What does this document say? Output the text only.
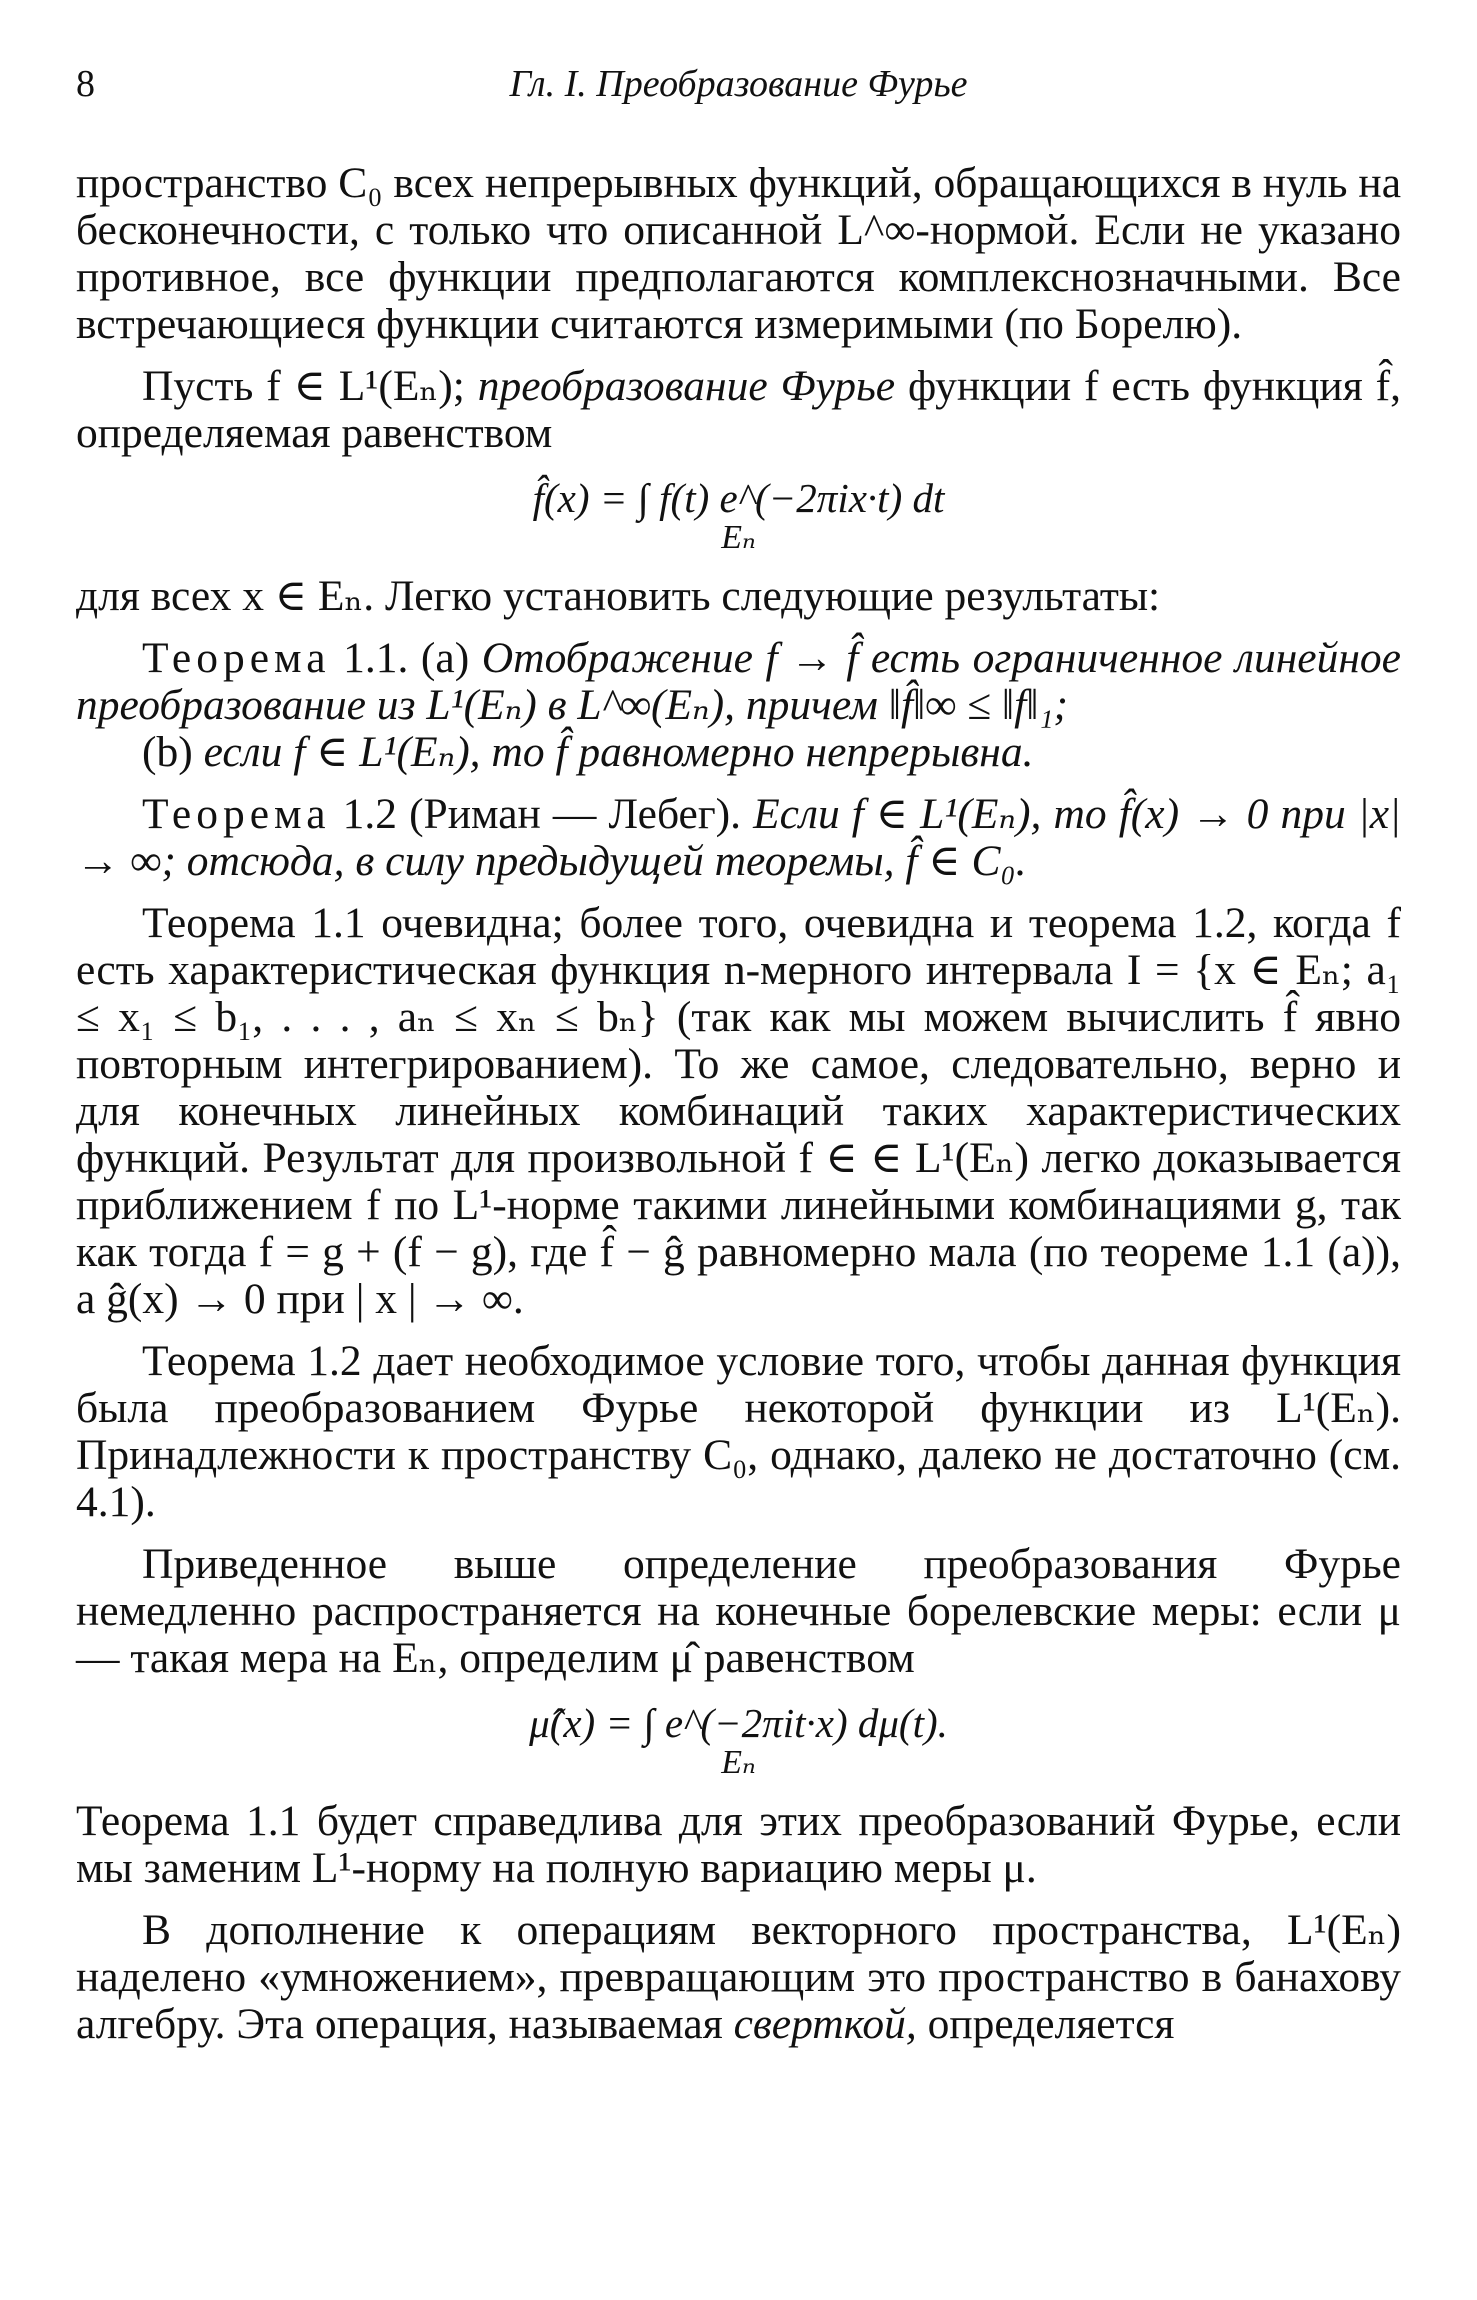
8	Гл. I. Преобразование Фурье

пространство C₀ всех непрерывных функций, обращающихся в нуль на бесконечности, с только что описанной L^∞-нормой. Если не указано противное, все функции предполагаются комплекснозначными. Все встречающиеся функции считаются измеримыми (по Борелю).

Пусть f ∈ L¹(Eₙ); преобразование Фурье функции f есть функция f̂, определяемая равенством

f̂(x) = ∫ f(t) e^(−2πix·t) dt
Eₙ

для всех x ∈ Eₙ. Легко установить следующие результаты:

Теорема 1.1. (a) Отображение f → f̂ есть ограниченное линейное преобразование из L¹(Eₙ) в L^∞(Eₙ), причем ‖f̂‖∞ ≤ ‖f‖₁;

(b) если f ∈ L¹(Eₙ), то f̂ равномерно непрерывна.

Теорема 1.2 (Риман — Лебег). Если f ∈ L¹(Eₙ), то f̂(x) → 0 при |x| → ∞; отсюда, в силу предыдущей теоремы, f̂ ∈ C₀.

Теорема 1.1 очевидна; более того, очевидна и теорема 1.2, когда f есть характеристическая функция n-мерного интервала I = {x ∈ Eₙ; a₁ ≤ x₁ ≤ b₁, . . . , aₙ ≤ xₙ ≤ bₙ} (так как мы можем вычислить f̂ явно повторным интегрированием). То же самое, следовательно, верно и для конечных линейных комбинаций таких характеристических функций. Результат для произвольной f ∈ ∈ L¹(Eₙ) легко доказывается приближением f по L¹-норме такими линейными комбинациями g, так как тогда f = g + (f − g), где f̂ − ĝ равномерно мала (по теореме 1.1 (a)), а ĝ(x) → 0 при | x | → ∞.

Теорема 1.2 дает необходимое условие того, чтобы данная функция была преобразованием Фурье некоторой функции из L¹(Eₙ). Принадлежности к пространству C₀, однако, далеко не достаточно (см. 4.1).

Приведенное выше определение преобразования Фурье немедленно распространяется на конечные борелевские меры: если μ — такая мера на Eₙ, определим μ̂ равенством

μ̂(x) = ∫ e^(−2πit·x) dμ(t).
Eₙ

Теорема 1.1 будет справедлива для этих преобразований Фурье, если мы заменим L¹-норму на полную вариацию меры μ.

В дополнение к операциям векторного пространства, L¹(Eₙ) наделено «умножением», превращающим это пространство в банахову алгебру. Эта операция, называемая сверткой, определяется
